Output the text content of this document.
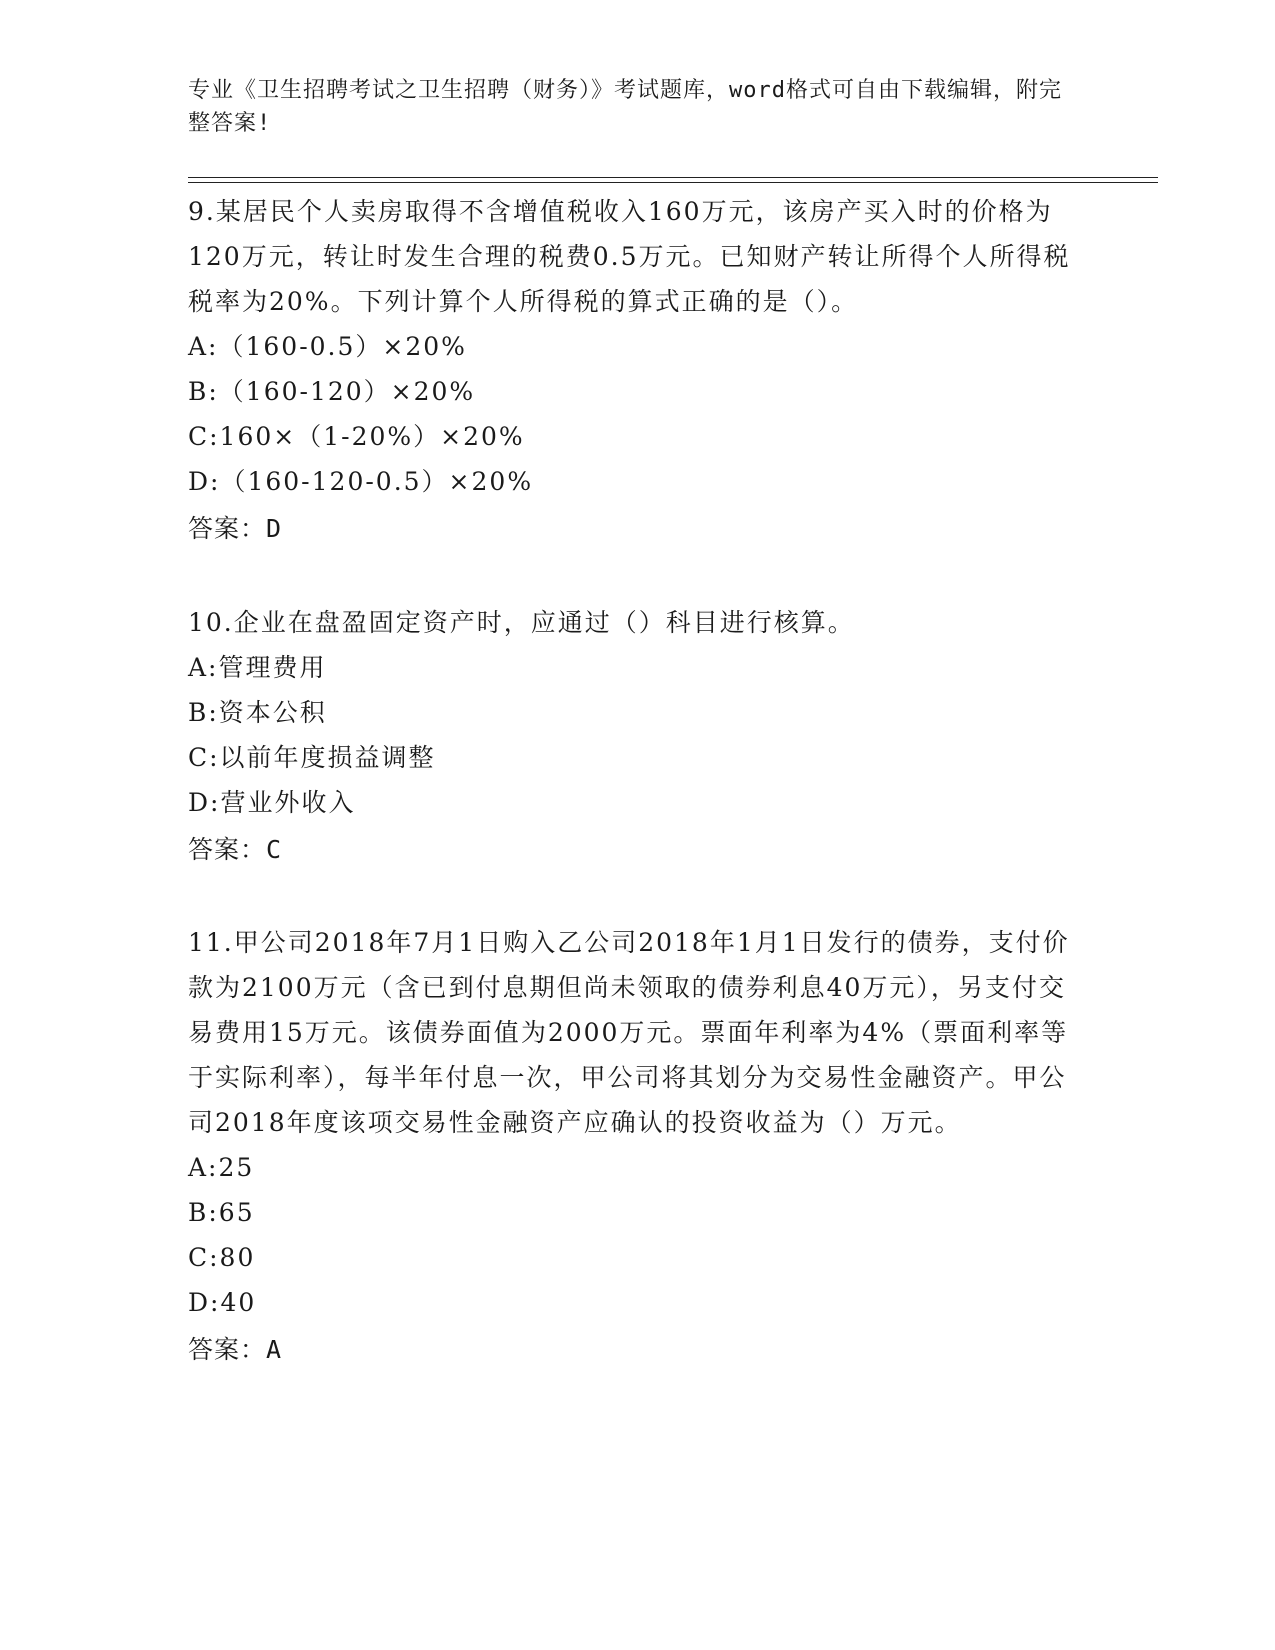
专业《卫生招聘考试之卫生招聘（财务）》考试题库，word格式可自由下载编辑，附完整答案!
9.某居民个人卖房取得不含增值税收入160万元，该房产买入时的价格为120万元，转让时发生合理的税费0.5万元。已知财产转让所得个人所得税税率为20%。下列计算个人所得税的算式正确的是（）。
A:（160-0.5）×20%
B:（160-120）×20%
C:160×（1-20%）×20%
D:（160-120-0.5）×20%
答案：D
10.企业在盘盈固定资产时，应通过（）科目进行核算。
A:管理费用
B:资本公积
C:以前年度损益调整
D:营业外收入
答案：C
11.甲公司2018年7月1日购入乙公司2018年1月1日发行的债券，支付价款为2100万元（含已到付息期但尚未领取的债券利息40万元），另支付交易费用15万元。该债券面值为2000万元。票面年利率为4%（票面利率等于实际利率），每半年付息一次，甲公司将其划分为交易性金融资产。甲公司2018年度该项交易性金融资产应确认的投资收益为（）万元。
A:25
B:65
C:80
D:40
答案：A
